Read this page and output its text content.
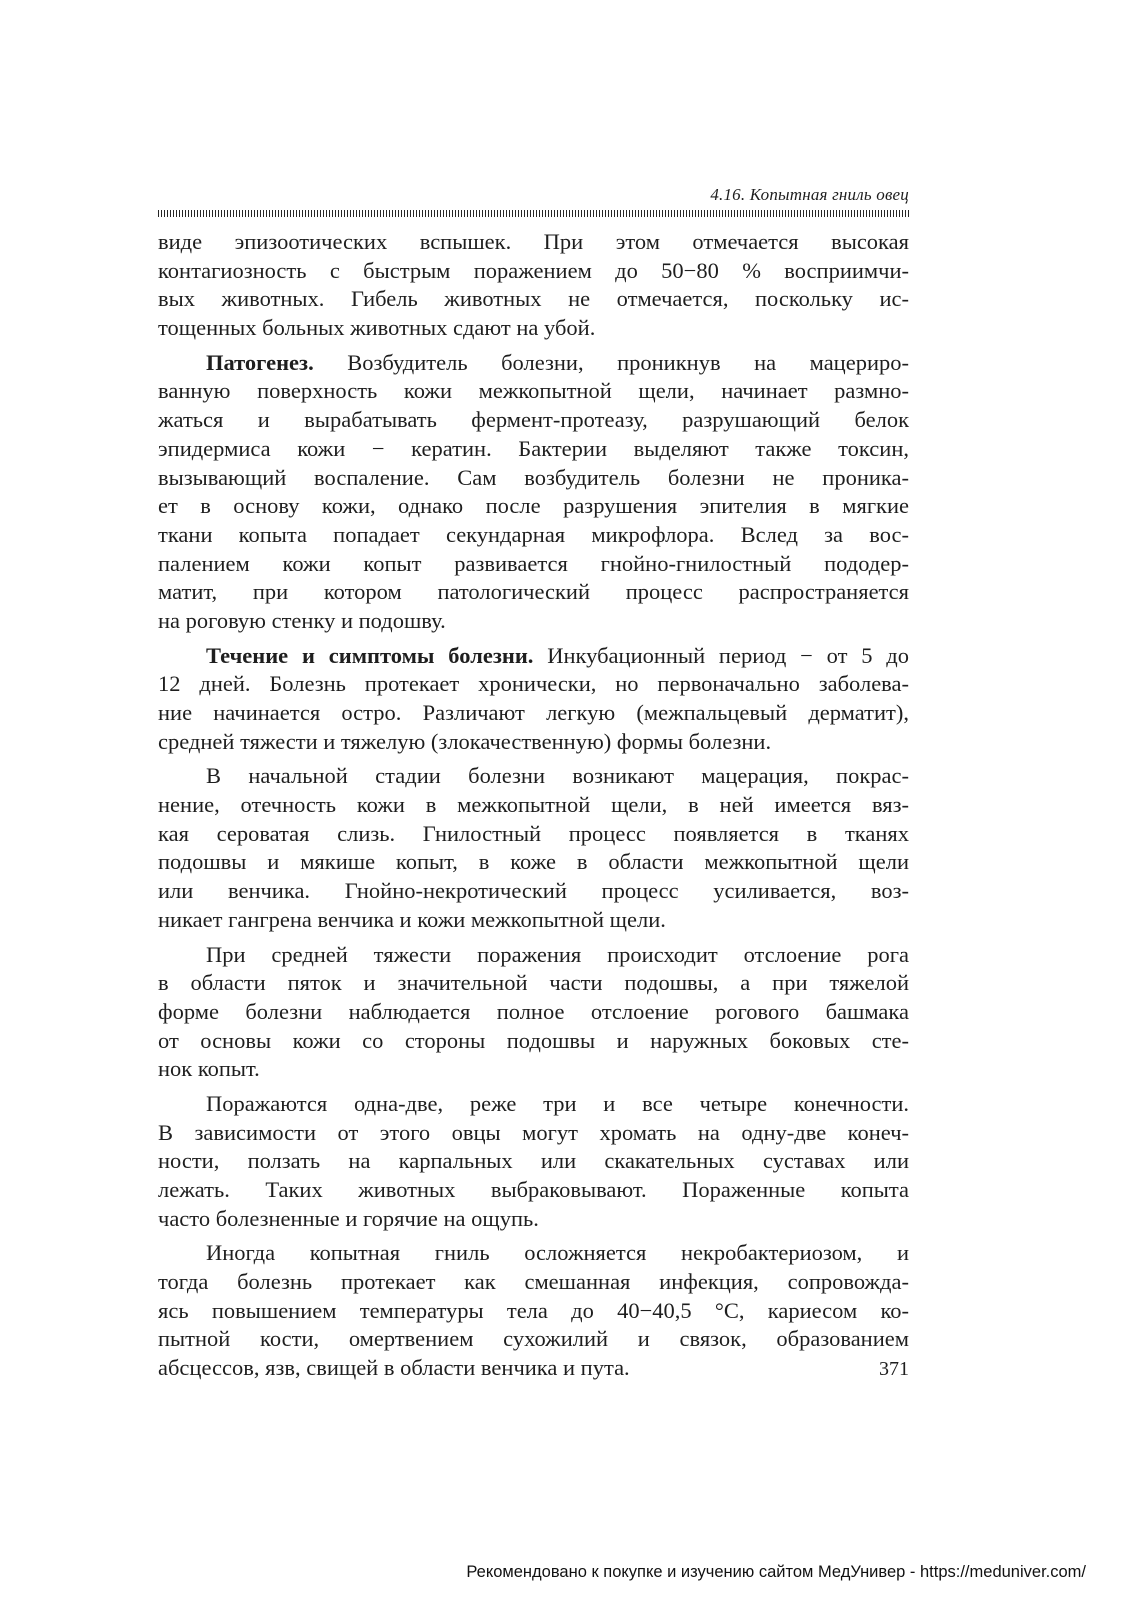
4.16. Копытная гниль овец
виде эпизоотических вспышек. При этом отмечается высокая
контагиозность с быстрым поражением до 50−80 % восприимчи-
вых животных. Гибель животных не отмечается, поскольку ис-
тощенных больных животных сдают на убой.
Патогенез. Возбудитель болезни, проникнув на мацериро-
ванную поверхность кожи межкопытной щели, начинает размно-
жаться и вырабатывать фермент-протеазу, разрушающий белок
эпидермиса кожи − кератин. Бактерии выделяют также токсин,
вызывающий воспаление. Сам возбудитель болезни не проника-
ет в основу кожи, однако после разрушения эпителия в мягкие
ткани копыта попадает секундарная микрофлора. Вслед за вос-
палением кожи копыт развивается гнойно-гнилостный пододер-
матит, при котором патологический процесс распространяется
на роговую стенку и подошву.
Течение и симптомы болезни. Инкубационный период − от 5 до
12 дней. Болезнь протекает хронически, но первоначально заболева-
ние начинается остро. Различают легкую (межпальцевый дерматит),
средней тяжести и тяжелую (злокачественную) формы болезни.
В начальной стадии болезни возникают мацерация, покрас-
нение, отечность кожи в межкопытной щели, в ней имеется вяз-
кая сероватая слизь. Гнилостный процесс появляется в тканях
подошвы и мякише копыт, в коже в области межкопытной щели
или венчика. Гнойно-некротический процесс усиливается, воз-
никает гангрена венчика и кожи межкопытной щели.
При средней тяжести поражения происходит отслоение рога
в области пяток и значительной части подошвы, а при тяжелой
форме болезни наблюдается полное отслоение рогового башмака
от основы кожи со стороны подошвы и наружных боковых сте-
нок копыт.
Поражаются одна-две, реже три и все четыре конечности.
В зависимости от этого овцы могут хромать на одну-две конеч-
ности, ползать на карпальных или скакательных суставах или
лежать. Таких животных выбраковывают. Пораженные копыта
часто болезненные и горячие на ощупь.
Иногда копытная гниль осложняется некробактериозом, и
тогда болезнь протекает как смешанная инфекция, сопровожда-
ясь повышением температуры тела до 40−40,5 °С, кариесом ко-
пытной кости, омертвением сухожилий и связок, образованием
абсцессов, язв, свищей в области венчика и пута.	371
Рекомендовано к покупке и изучению сайтом МедУнивер - https://meduniver.com/
